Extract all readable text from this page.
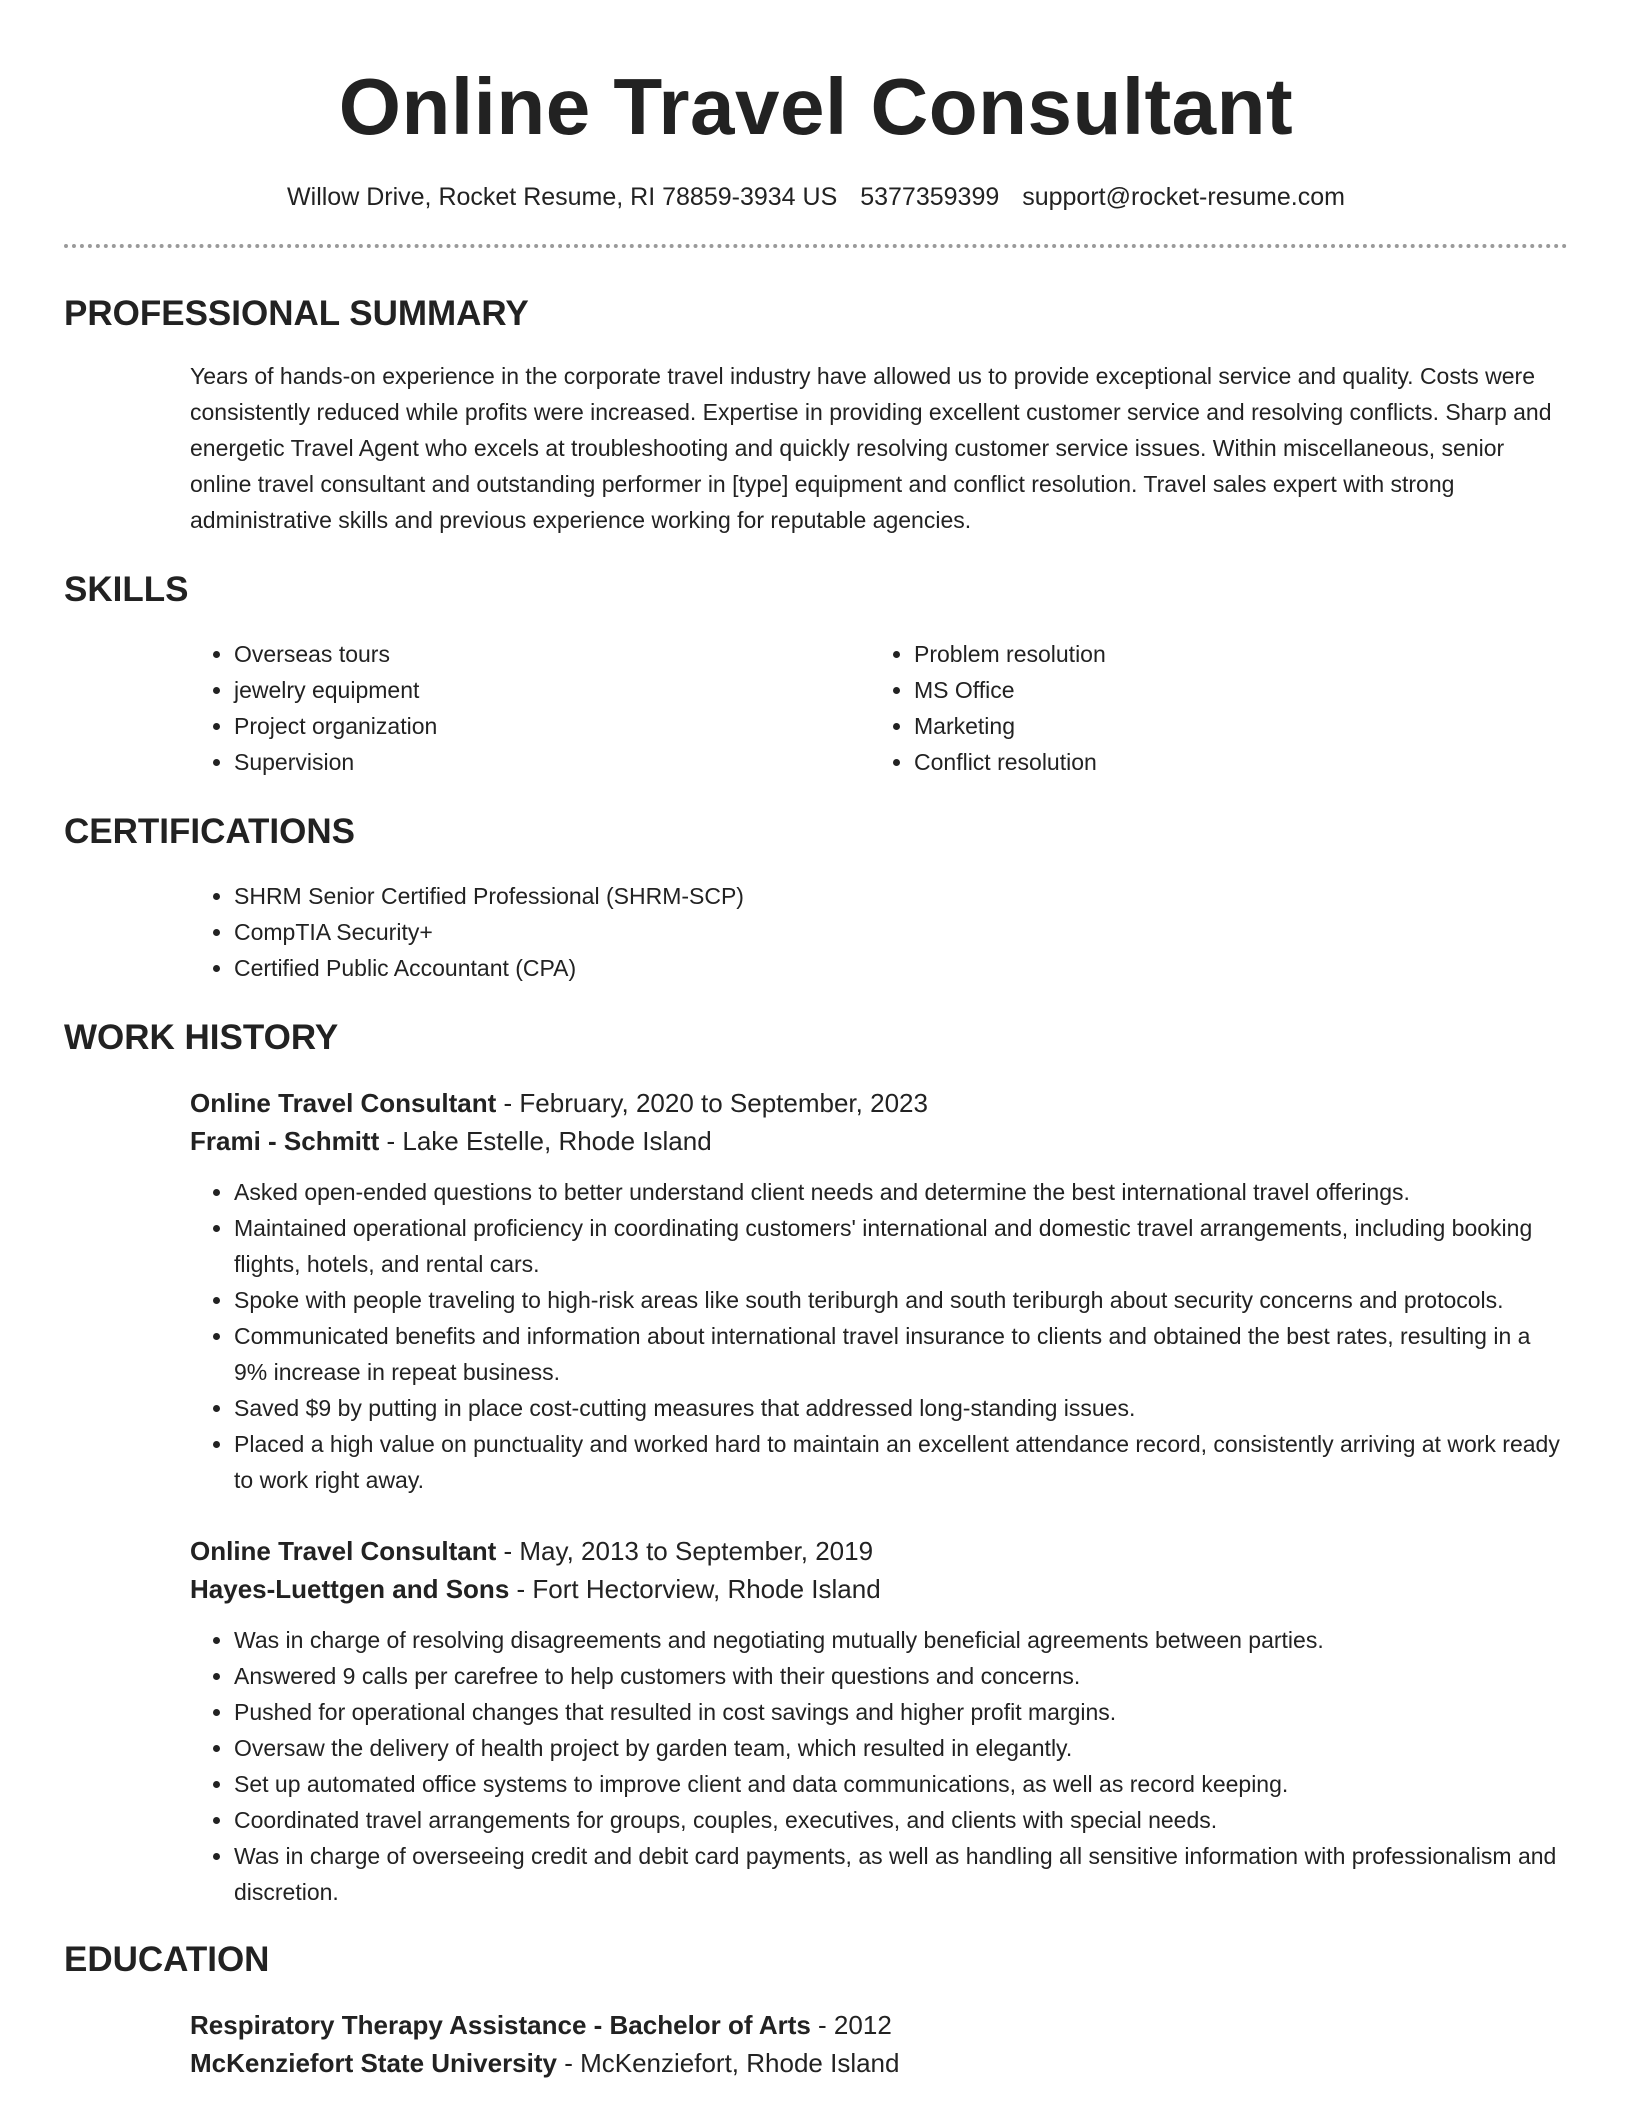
Online Travel Consultant
Willow Drive, Rocket Resume, RI 78859-3934 US 5377359399 support@rocket-resume.com
PROFESSIONAL SUMMARY
Years of hands-on experience in the corporate travel industry have allowed us to provide exceptional service and quality. Costs were consistently reduced while profits were increased. Expertise in providing excellent customer service and resolving conflicts. Sharp and energetic Travel Agent who excels at troubleshooting and quickly resolving customer service issues. Within miscellaneous, senior online travel consultant and outstanding performer in [type] equipment and conflict resolution. Travel sales expert with strong administrative skills and previous experience working for reputable agencies.
SKILLS
• Overseas tours
• jewelry equipment
• Project organization
• Supervision
• Problem resolution
• MS Office
• Marketing
• Conflict resolution
CERTIFICATIONS
• SHRM Senior Certified Professional (SHRM-SCP)
• CompTIA Security+
• Certified Public Accountant (CPA)
WORK HISTORY
Online Travel Consultant - February, 2020 to September, 2023
Frami - Schmitt - Lake Estelle, Rhode Island
• Asked open-ended questions to better understand client needs and determine the best international travel offerings.
• Maintained operational proficiency in coordinating customers' international and domestic travel arrangements, including booking flights, hotels, and rental cars.
• Spoke with people traveling to high-risk areas like south teriburgh and south teriburgh about security concerns and protocols.
• Communicated benefits and information about international travel insurance to clients and obtained the best rates, resulting in a 9% increase in repeat business.
• Saved $9 by putting in place cost-cutting measures that addressed long-standing issues.
• Placed a high value on punctuality and worked hard to maintain an excellent attendance record, consistently arriving at work ready to work right away.
Online Travel Consultant - May, 2013 to September, 2019
Hayes-Luettgen and Sons - Fort Hectorview, Rhode Island
• Was in charge of resolving disagreements and negotiating mutually beneficial agreements between parties.
• Answered 9 calls per carefree to help customers with their questions and concerns.
• Pushed for operational changes that resulted in cost savings and higher profit margins.
• Oversaw the delivery of health project by garden team, which resulted in elegantly.
• Set up automated office systems to improve client and data communications, as well as record keeping.
• Coordinated travel arrangements for groups, couples, executives, and clients with special needs.
• Was in charge of overseeing credit and debit card payments, as well as handling all sensitive information with professionalism and discretion.
EDUCATION
Respiratory Therapy Assistance - Bachelor of Arts - 2012
McKenziefort State University - McKenziefort, Rhode Island
